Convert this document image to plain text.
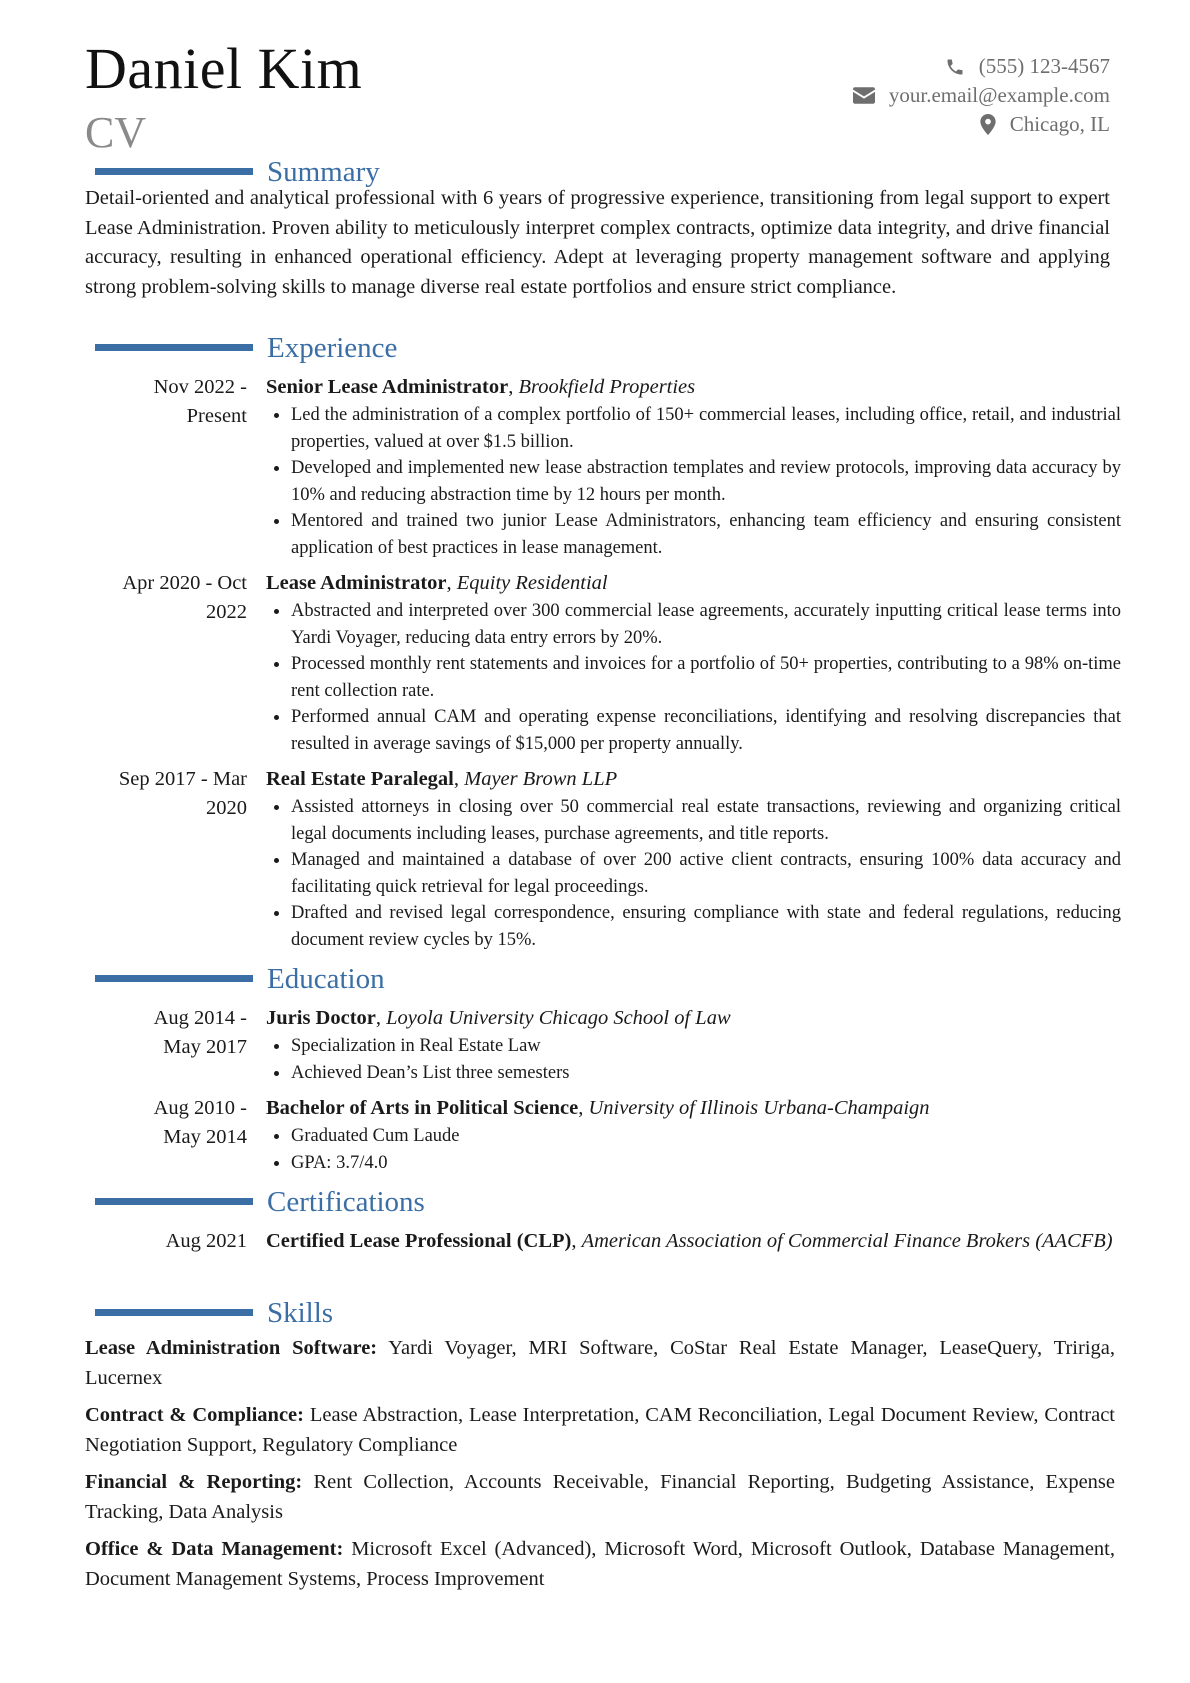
Daniel Kim
CV
(555) 123-4567
your.email@example.com
Chicago, IL
Summary
Detail-oriented and analytical professional with 6 years of progressive experience, transitioning from legal support to expert Lease Administration. Proven ability to meticulously interpret complex contracts, optimize data integrity, and drive financial accuracy, resulting in enhanced operational efficiency. Adept at leveraging property management software and applying strong problem-solving skills to manage diverse real estate portfolios and ensure strict compliance.
Experience
Nov 2022 -
Present
Senior Lease Administrator, Brookfield Properties
Led the administration of a complex portfolio of 150+ commercial leases, including office, retail, and industrial properties, valued at over $1.5 billion.
Developed and implemented new lease abstraction templates and review protocols, improving data accuracy by 10% and reducing abstraction time by 12 hours per month.
Mentored and trained two junior Lease Administrators, enhancing team efficiency and ensuring consistent application of best practices in lease management.
Apr 2020 - Oct
2022
Lease Administrator, Equity Residential
Abstracted and interpreted over 300 commercial lease agreements, accurately inputting critical lease terms into Yardi Voyager, reducing data entry errors by 20%.
Processed monthly rent statements and invoices for a portfolio of 50+ properties, contributing to a 98% on-time rent collection rate.
Performed annual CAM and operating expense reconciliations, identifying and resolving discrepancies that resulted in average savings of $15,000 per property annually.
Sep 2017 - Mar
2020
Real Estate Paralegal, Mayer Brown LLP
Assisted attorneys in closing over 50 commercial real estate transactions, reviewing and organizing critical legal documents including leases, purchase agreements, and title reports.
Managed and maintained a database of over 200 active client contracts, ensuring 100% data accuracy and facilitating quick retrieval for legal proceedings.
Drafted and revised legal correspondence, ensuring compliance with state and federal regulations, reducing document review cycles by 15%.
Education
Aug 2014 -
May 2017
Juris Doctor, Loyola University Chicago School of Law
Specialization in Real Estate Law
Achieved Dean’s List three semesters
Aug 2010 -
May 2014
Bachelor of Arts in Political Science, University of Illinois Urbana-Champaign
Graduated Cum Laude
GPA: 3.7/4.0
Certifications
Aug 2021 Certified Lease Professional (CLP), American Association of Commercial Finance Brokers (AACFB)
Skills
Lease Administration Software: Yardi Voyager, MRI Software, CoStar Real Estate Manager, LeaseQuery, Tririga, Lucernex
Contract & Compliance: Lease Abstraction, Lease Interpretation, CAM Reconciliation, Legal Document Review, Contract Negotiation Support, Regulatory Compliance
Financial & Reporting: Rent Collection, Accounts Receivable, Financial Reporting, Budgeting Assistance, Expense Tracking, Data Analysis
Office & Data Management: Microsoft Excel (Advanced), Microsoft Word, Microsoft Outlook, Database Management, Document Management Systems, Process Improvement
